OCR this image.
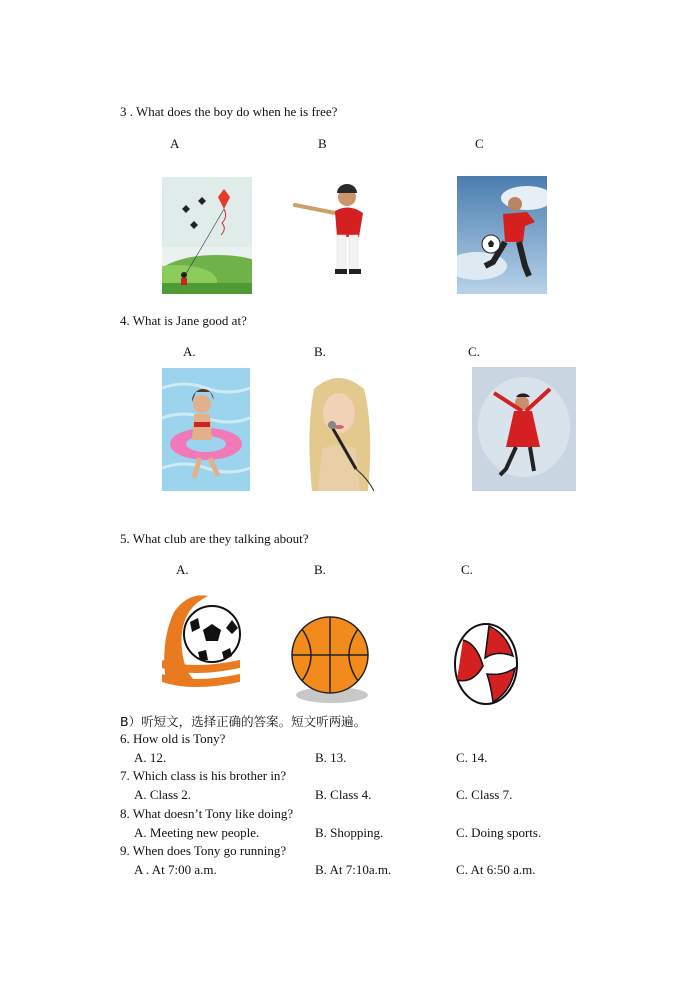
3 . What does the boy do when he is free?
A	B	C
4. What is Jane good at?
A.	B.	C.
5. What club are they talking about?
A.	B.	C.
B）听短文，选择正确的答案。短文听两遍。
6. How old is Tony?
A. 12.	B. 13.	C. 14.
7. Which class is his brother in?
A. Class 2.	B. Class 4.	C. Class 7.
8. What doesn’t Tony like doing?
A. Meeting new people.	B. Shopping.	C. Doing sports.
9. When does Tony go running?
A . At 7:00 a.m.	B. At 7:10a.m.	C. At 6:50 a.m.
